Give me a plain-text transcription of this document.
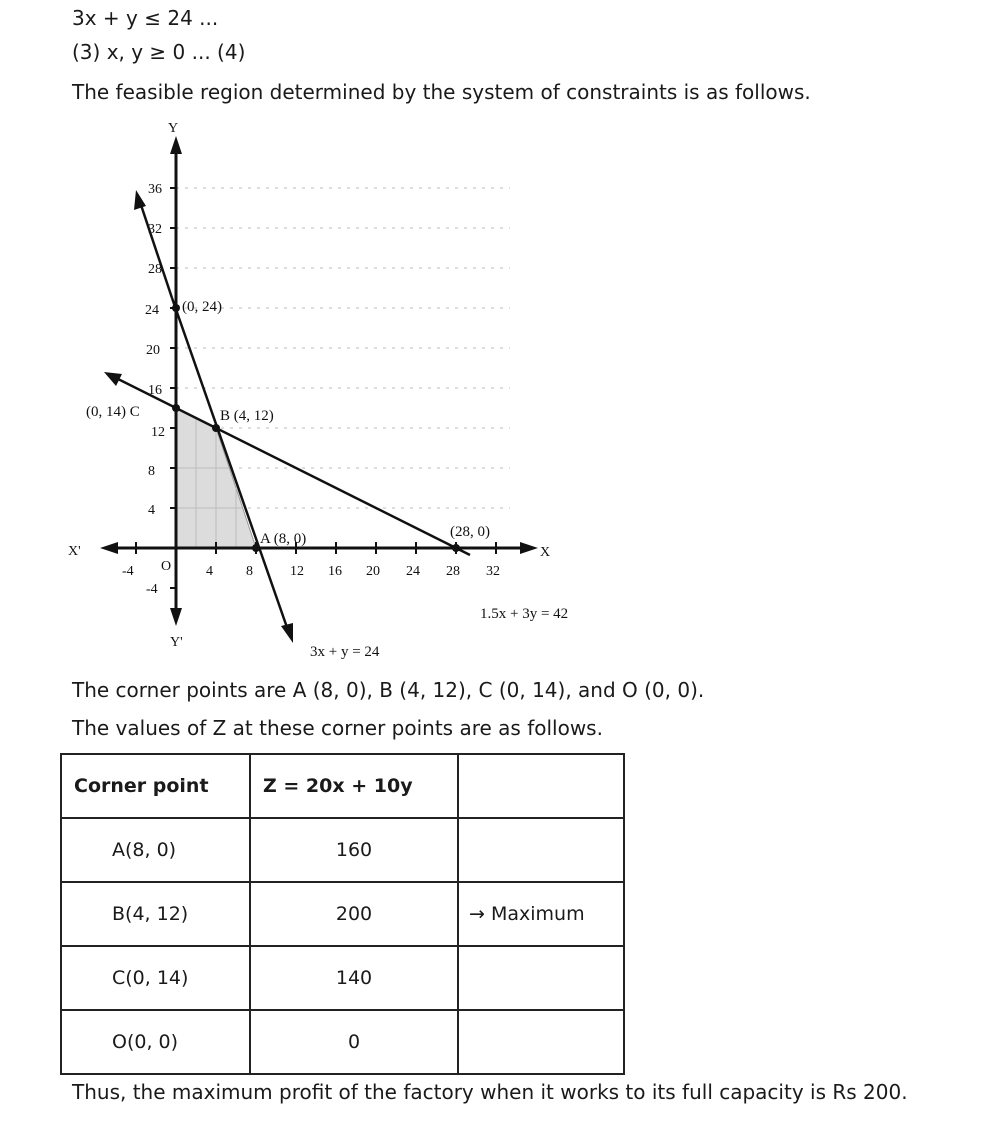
3x + y ≤ 24 ...
(3) x, y ≥ 0 ... (4)
The feasible region determined by the system of constraints is as follows.
Y
Y'
X'	X
O
36
32
28
24
20
16
12
8
4
-4
-4	4 8	12 16 20 24 28 32
(0, 24)
(0, 14) C	B (4, 12)
A (8, 0)	(28, 0)
1.5x + 3y = 42
3x + y = 24
The corner points are A (8, 0), B (4, 12), C (0, 14), and O (0, 0).
The values of Z at these corner points are as follows.
Corner point	Z = 20x + 10y	
A(8, 0)	160	
B(4, 12)	200	→ Maximum
C(0, 14)	140	
O(0, 0)	0	
Thus, the maximum profit of the factory when it works to its full capacity is Rs 200.
